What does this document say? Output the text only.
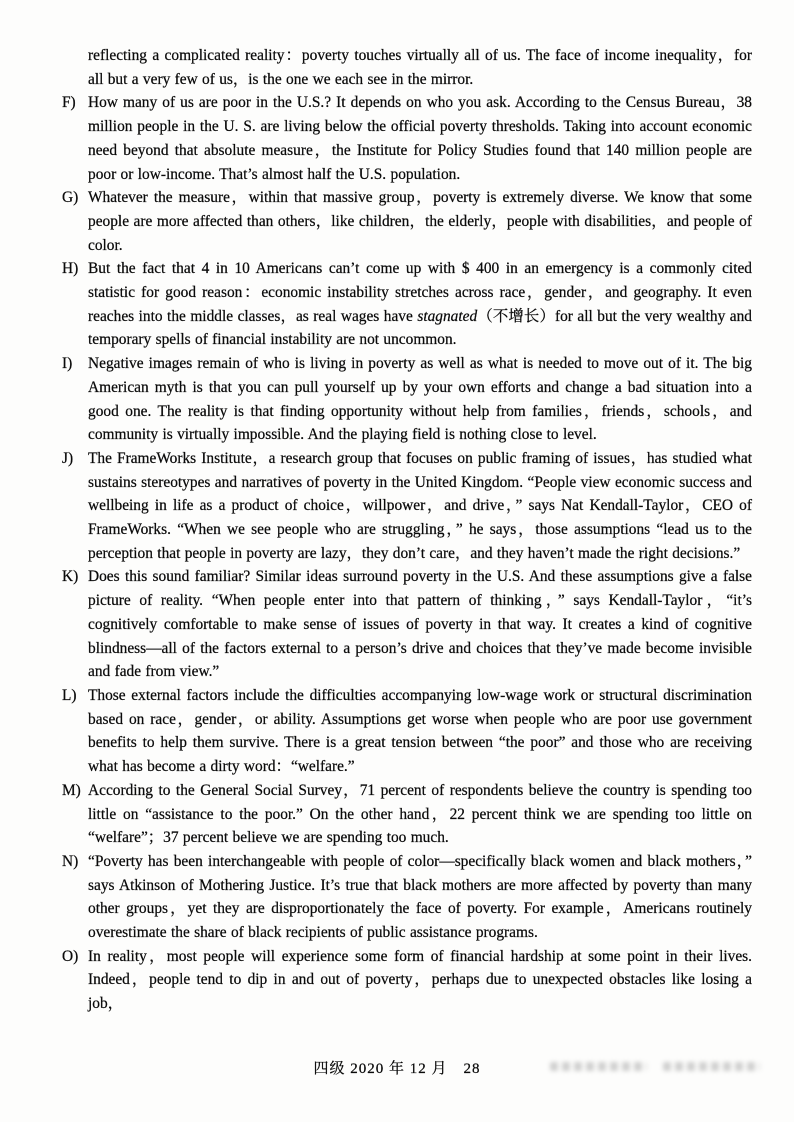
reflecting a complicated reality：poverty touches virtually all of us. The face of income inequality，for all but a very few of us，is the one we each see in the mirror.
F) How many of us are poor in the U.S.? It depends on who you ask. According to the Census Bureau，38 million people in the U. S. are living below the official poverty thresholds. Taking into account economic need beyond that absolute measure，the Institute for Policy Studies found that 140 million people are poor or low-income. That’s almost half the U.S. population.
G) Whatever the measure，within that massive group，poverty is extremely diverse. We know that some people are more affected than others，like children，the elderly，people with disabilities，and people of color.
H) But the fact that 4 in 10 Americans can’t come up with $ 400 in an emergency is a commonly cited statistic for good reason：economic instability stretches across race，gender，and geography. It even reaches into the middle classes，as real wages have stagnated（不增长）for all but the very wealthy and temporary spells of financial instability are not uncommon.
I) Negative images remain of who is living in poverty as well as what is needed to move out of it. The big American myth is that you can pull yourself up by your own efforts and change a bad situation into a good one. The reality is that finding opportunity without help from families，friends，schools，and community is virtually impossible. And the playing field is nothing close to level.
J) The FrameWorks Institute，a research group that focuses on public framing of issues，has studied what sustains stereotypes and narratives of poverty in the United Kingdom. “People view economic success and wellbeing in life as a product of choice，willpower，and drive，” says Nat Kendall-Taylor，CEO of FrameWorks. “When we see people who are struggling，” he says，those assumptions “lead us to the perception that people in poverty are lazy，they don’t care，and they haven’t made the right decisions.”
K) Does this sound familiar? Similar ideas surround poverty in the U.S. And these assumptions give a false picture of reality. “When people enter into that pattern of thinking，” says Kendall-Taylor，“it’s cognitively comfortable to make sense of issues of poverty in that way. It creates a kind of cognitive blindness—all of the factors external to a person’s drive and choices that they’ve made become invisible and fade from view.”
L) Those external factors include the difficulties accompanying low-wage work or structural discrimination based on race，gender，or ability. Assumptions get worse when people who are poor use government benefits to help them survive. There is a great tension between “the poor” and those who are receiving what has become a dirty word：“welfare.”
M) According to the General Social Survey，71 percent of respondents believe the country is spending too little on “assistance to the poor.” On the other hand，22 percent think we are spending too little on “welfare”；37 percent believe we are spending too much.
N) “Poverty has been interchangeable with people of color—specifically black women and black mothers，” says Atkinson of Mothering Justice. It’s true that black mothers are more affected by poverty than many other groups，yet they are disproportionately the face of poverty. For example，Americans routinely overestimate the share of black recipients of public assistance programs.
O) In reality，most people will experience some form of financial hardship at some point in their lives. Indeed，people tend to dip in and out of poverty，perhaps due to unexpected obstacles like losing a job，
四级 2020 年 12 月　28
